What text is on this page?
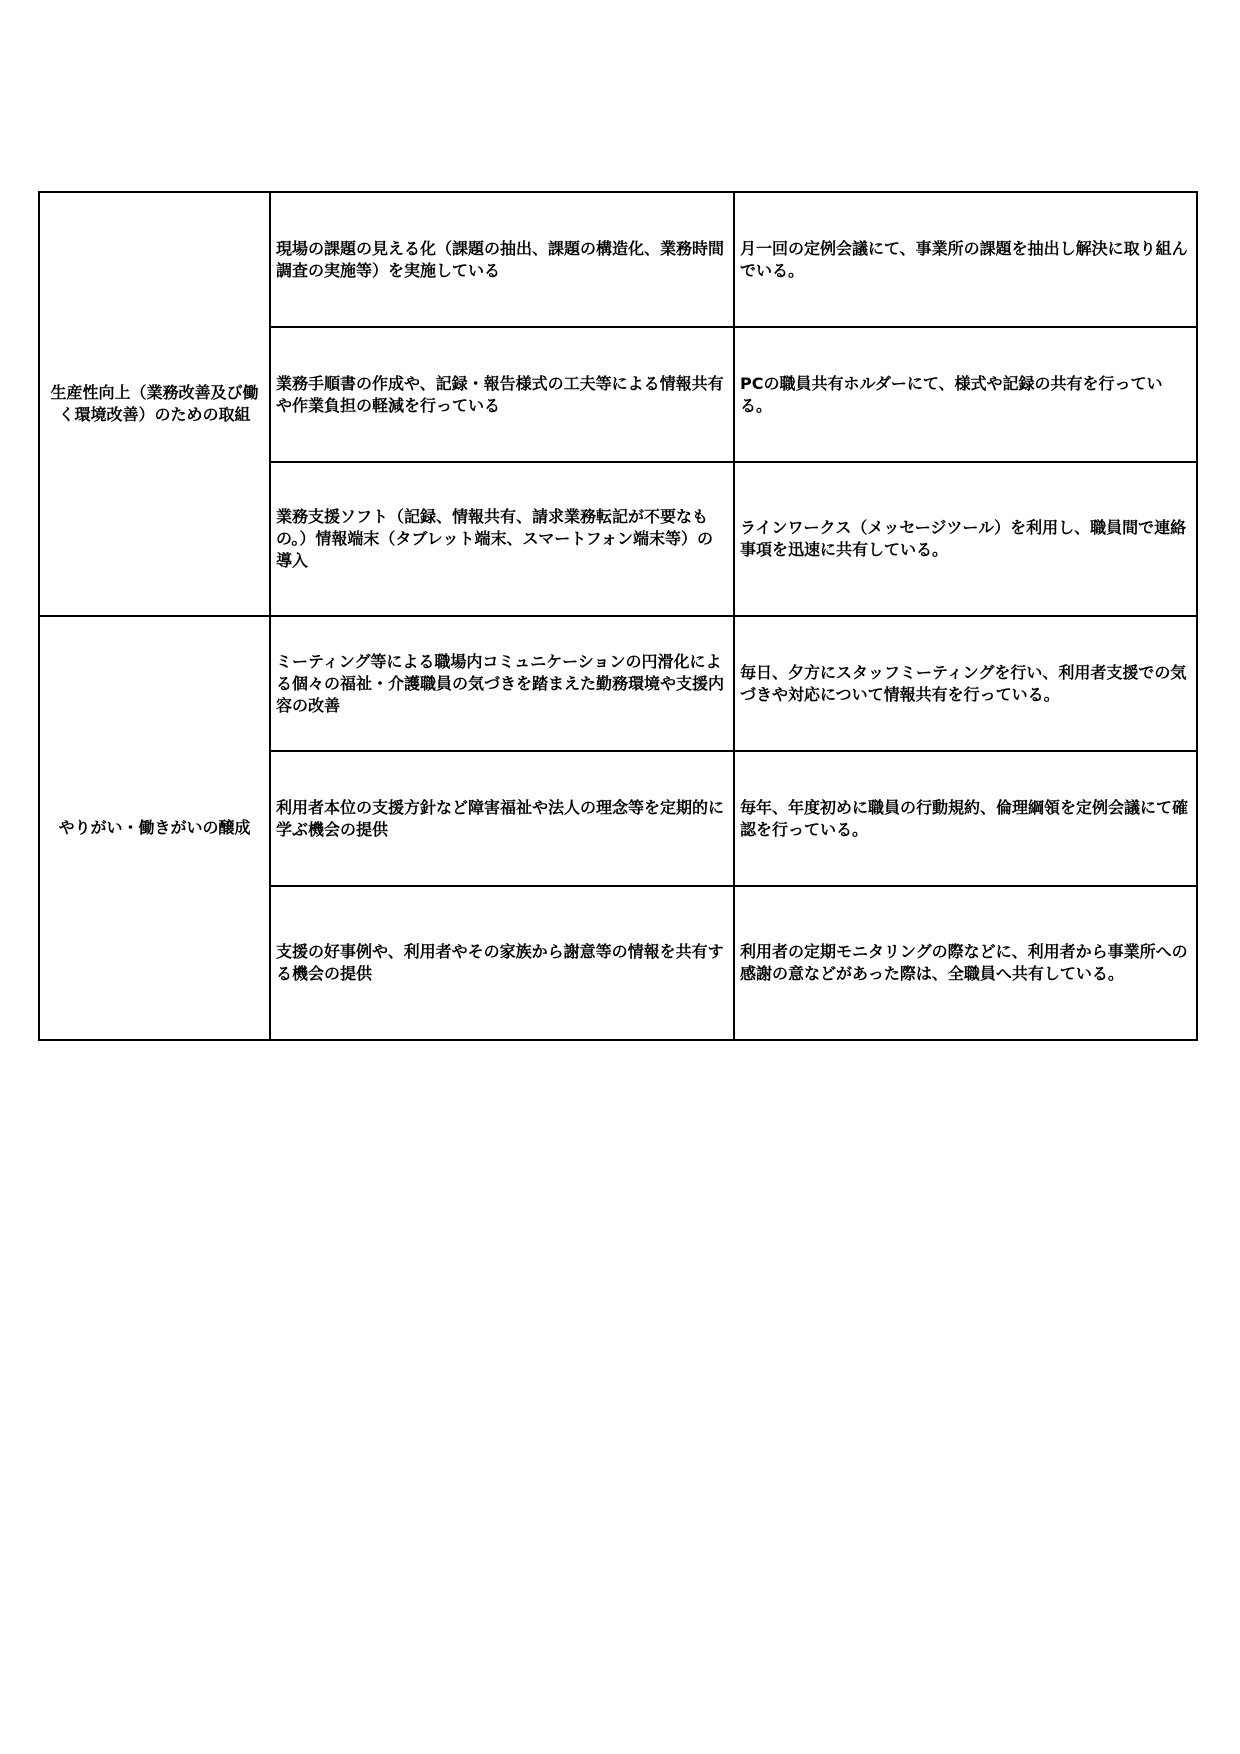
生産性向上（業務改善及び働く環境改善）のための取組	現場の課題の見える化（課題の抽出、課題の構造化、業務時間調査の実施等）を実施している	月一回の定例会議にて、事業所の課題を抽出し解決に取り組んでいる。
	業務手順書の作成や、記録・報告様式の工夫等による情報共有や作業負担の軽減を行っている	PCの職員共有ホルダーにて、様式や記録の共有を行っている。
	業務支援ソフト（記録、情報共有、請求業務転記が不要なもの。）情報端末（タブレット端末、スマートフォン端末等）の導入	ラインワークス（メッセージツール）を利用し、職員間で連絡事項を迅速に共有している。
やりがい・働きがいの醸成	ミーティング等による職場内コミュニケーションの円滑化による個々の福祉・介護職員の気づきを踏まえた勤務環境や支援内容の改善	毎日、夕方にスタッフミーティングを行い、利用者支援での気づきや対応について情報共有を行っている。
	利用者本位の支援方針など障害福祉や法人の理念等を定期的に学ぶ機会の提供	毎年、年度初めに職員の行動規約、倫理綱領を定例会議にて確認を行っている。
	支援の好事例や、利用者やその家族から謝意等の情報を共有する機会の提供	利用者の定期モニタリングの際などに、利用者から事業所への感謝の意などがあった際は、全職員へ共有している。
